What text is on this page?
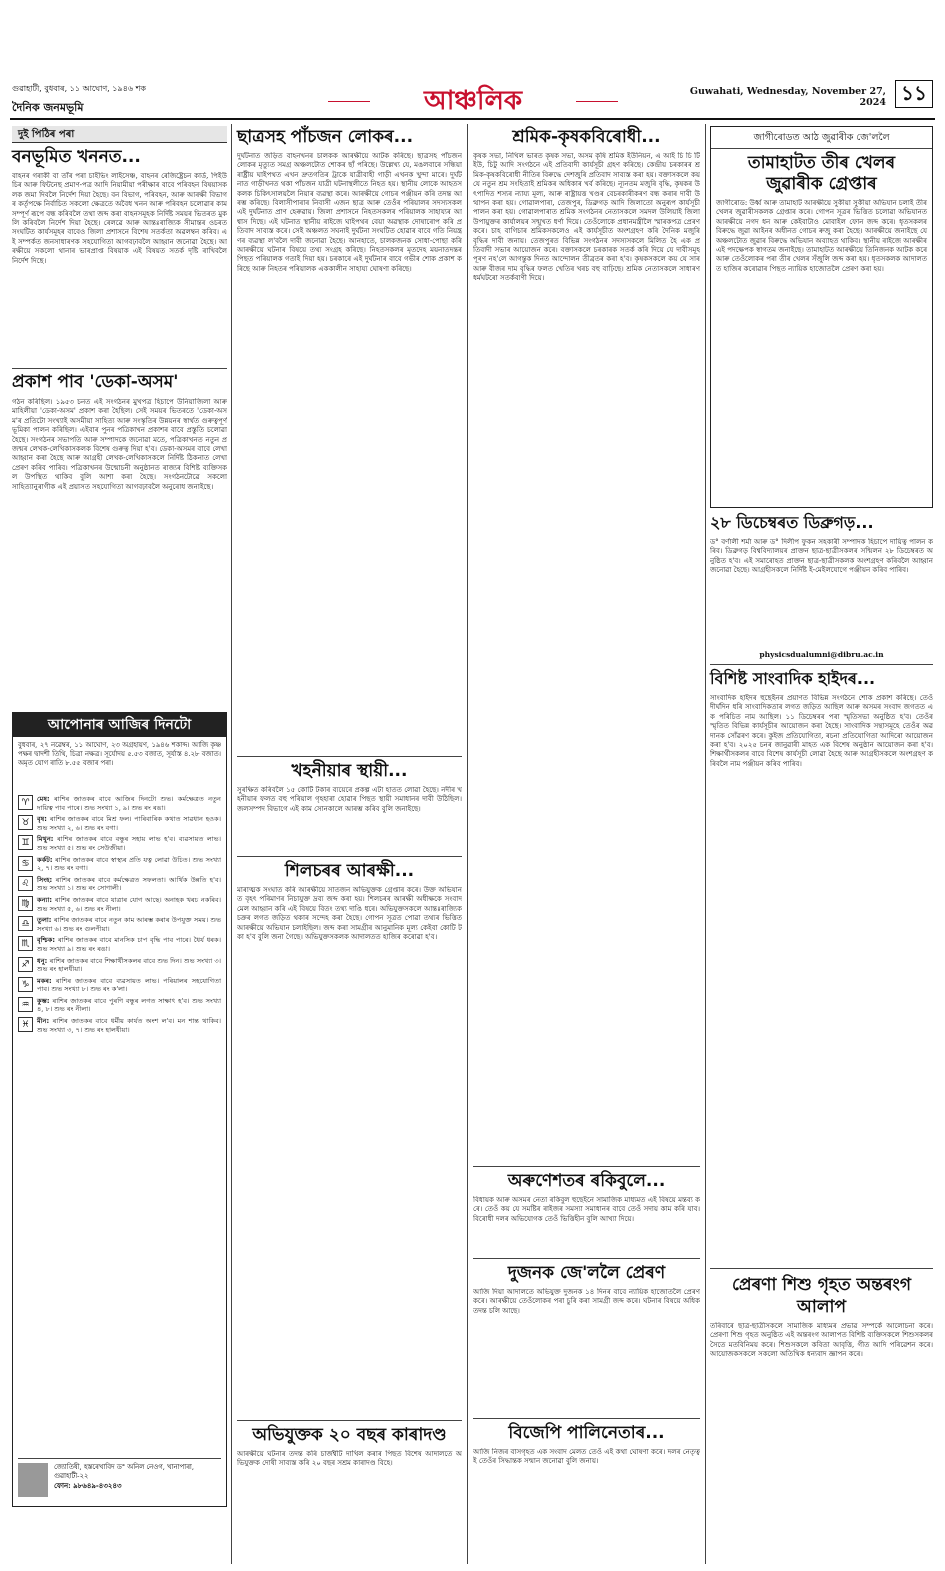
গুৱাহাটী, বুধবাৰ, ১১ আঘোণ, ১৯৪৬ শক
দৈনিক জনমভূমি	আঞ্চলিক	Guwahati, Wednesday, November 27, 2024 ১১
দুই পিঠিৰ পৰা
বনভূমিত খননত...
বাহনৰ গৰাকী বা তাঁৰ পৰা চাইভিং লাইসেঞ্চ, বাহনৰ ৰেজিষ্ট্ৰেচন কাৰ্ড, পিইউচিৰ আৰু ফিটনেছ প্ৰমাণ-পত্ৰ আদি নিয়ামীয়া পৰীক্ষাৰ বাবে পৰিবহন বিষয়াসকলক জমা দিবলৈ নিৰ্দেশ দিয়া হৈছে। বন বিভাগ, পৰিবহন, আৰু আৰক্ষী বিভাগৰ কৰ্তৃপক্ষে নিৰ্বাচিত সকলো ক্ষেত্ৰতে অবৈধ খনন আৰু পৰিবহন চলোৱাৰ কাম সম্পূৰ্ণ ৰূপে বন্ধ কৰিবলৈ তথা জব্দ কৰা বাহনসমূহক নিৰ্দিষ্ট সময়ৰ ভিতৰত মুকলি কৰিবলৈ নিৰ্দেশ দিয়া হৈছে। ৰেলৱে আৰু আন্তঃৰাজ্যিক সীমান্তৰ ওচৰত সংঘটিত কাৰ্যসমূহৰ বাবেও জিলা প্ৰশাসনে বিশেষ সতৰ্কতা অৱলম্বন কৰিব। এই সম্পৰ্কত জনসাধাৰণক সহযোগিতা আগবঢ়াবলৈ আহ্বান জনোৱা হৈছে। আৰক্ষীয়ে সকলো থানাৰ ভাৰপ্ৰাপ্ত বিষয়াক এই বিষয়ত সতৰ্ক দৃষ্টি ৰাখিবলৈ নিৰ্দেশ দিছে।
প্ৰকাশ পাব 'ডেকা-অসম'
গঠন কৰিছিল। ১৯৫৩ চনত এই সংগঠনৰ মুখপত্ৰ হিচাপে উনিয়াজিলা আৰু মাহিলীয়া 'ডেকা-অসম' প্ৰকাশ কৰা হৈছিল। সেই সময়ৰ ভিতৰতে 'ডেকা-অসম'ৰ প্ৰতিটো সংখ্যাই অসমীয়া সাহিত্য আৰু সংস্কৃতিৰ উন্নয়নৰ স্বাৰ্থত গুৰুত্বপূৰ্ণ ভূমিকা পালন কৰিছিল। এইবাৰ পুনৰ পত্ৰিকাখন প্ৰকাশৰ বাবে প্ৰস্তুতি চলোৱা হৈছে। সংগঠনৰ সভাপতি আৰু সম্পাদকে জনোৱা মতে, পত্ৰিকাখনত নতুন প্ৰজন্মৰ লেখক-লেখিকাসকলক বিশেষ গুৰুত্ব দিয়া হ'ব। ডেকা-অসমৰ বাবে লেখা আহ্বান কৰা হৈছে আৰু আগ্ৰহী লেখক-লেখিকাসকলে নিৰ্দিষ্ট ঠিকনাত লেখা প্ৰেৰণ কৰিব পাৰিব। পত্ৰিকাখনৰ উন্মোচনী অনুষ্ঠানত ৰাজ্যৰ বিশিষ্ট ব্যক্তিসকল উপস্থিত থাকিব বুলি আশা কৰা হৈছে। সংগঠনটোৱে সকলো সাহিত্যানুৰাগীক এই প্ৰয়াসত সহযোগিতা আগবঢ়াবলৈ অনুৰোধ জনাইছে।
আপোনাৰ আজিৰ দিনটো
বুধবাৰ, ২৭ নৱেম্বৰ, ১১ আঘোণ, ২৩ অগ্ৰহায়ণ, ১৯৪৬ শকাব্দ। আজি কৃষ্ণ পক্ষৰ দ্বাদশী তিথি, চিত্ৰা নক্ষত্ৰ। সূৰ্যোদয় ৫.৫৩ বজাত, সূৰ্যাস্ত ৪.২৮ বজাত। অমৃত যোগ ৰাতি ৮.৫৫ বজাৰ পৰা।
♈	মেষ: ৰাশিৰ জাতকৰ বাবে আজিৰ দিনটো শুভ। কৰ্মক্ষেত্ৰত নতুন দায়িত্ব পাব পাৰে। শুভ সংখ্যা ১, ৯। শুভ ৰং ৰঙা।
♉	বৃষ: ৰাশিৰ জাতকৰ বাবে মিশ্ৰ ফল। পাৰিবাৰিক কথাত সাৱধান হওক। শুভ সংখ্যা ২, ৬। শুভ ৰং বগা।
♊	মিথুন: ৰাশিৰ জাতকৰ বাবে বন্ধুৰ সহায় লাভ হ'ব। ব্যৱসায়ত লাভ। শুভ সংখ্যা ৫। শুভ ৰং সেউজীয়া।
♋	কৰ্কট: ৰাশিৰ জাতকৰ বাবে স্বাস্থ্যৰ প্ৰতি যত্ন লোৱা উচিত। শুভ সংখ্যা ২, ৭। শুভ ৰং বগা।
♌	সিংহ: ৰাশিৰ জাতকৰ বাবে কৰ্মক্ষেত্ৰত সফলতা। আৰ্থিক উন্নতি হ'ব। শুভ সংখ্যা ১। শুভ ৰং সোণালী।
♍	কন্যা: ৰাশিৰ জাতকৰ বাবে যাত্ৰাৰ যোগ আছে। অনাহক খৰচ নকৰিব। শুভ সংখ্যা ৫, ৬। শুভ ৰং নীলা।
♎	তুলা: ৰাশিৰ জাতকৰ বাবে নতুন কাম আৰম্ভ কৰাৰ উপযুক্ত সময়। শুভ সংখ্যা ৬। শুভ ৰং গুলপীয়া।
♏	বৃশ্চিক: ৰাশিৰ জাতকৰ বাবে মানসিক চাপ বৃদ্ধি পাব পাৰে। ধৈৰ্য ধৰক। শুভ সংখ্যা ৯। শুভ ৰং ৰঙা।
♐	ধনু: ৰাশিৰ জাতকৰ বাবে শিক্ষাৰ্থীসকলৰ বাবে শুভ দিন। শুভ সংখ্যা ৩। শুভ ৰং হালধীয়া।
♑	মকৰ: ৰাশিৰ জাতকৰ বাবে ব্যৱসায়ত লাভ। পৰিয়ালৰ সহযোগিতা পাব। শুভ সংখ্যা ৮। শুভ ৰং ক'লা।
♒	কুম্ভ: ৰাশিৰ জাতকৰ বাবে পুৰণি বন্ধুৰ লগত সাক্ষাৎ হ'ব। শুভ সংখ্যা ৪, ৮। শুভ ৰং নীলা।
♓	মীন: ৰাশিৰ জাতকৰ বাবে ধৰ্মীয় কাৰ্যত অংশ ল'ব। মন শান্ত থাকিব। শুভ সংখ্যা ৩, ৭। শুভ ৰং হালধীয়া।
জ্যোতিষী, হস্তৰেখাবিদ ড° অনিল নেওগ, খানাপাৰা, গুৱাহাটী-২২
ফোন: ৯৮৬৪৯-৪৩২৪৩
ছাত্ৰসহ পাঁচজন লোকৰ...
দুৰ্ঘটনাত জড়িত বাহনখনৰ চালকক আৰক্ষীয়ে আটক কৰিছে। ছাত্ৰসহ পাঁচজন লোকৰ মৃত্যুত সমগ্ৰ অঞ্চলটোত শোকৰ ছাঁ পৰিছে। উল্লেখ্য যে, মঙলবাৰে সন্ধিয়া ৰাষ্ট্ৰীয় ঘাইপথত এখন দ্ৰুতগতিৰ ট্ৰাকে যাত্ৰীবাহী গাড়ী এখনক খুন্দা মাৰে। দুৰ্ঘটনাত গাড়ীখনত থকা পাঁচজন যাত্ৰী ঘটনাস্থলীতে নিহত হয়। স্থানীয় লোকে আহতসকলক চিকিৎসালয়লৈ নিয়াৰ ব্যৱস্থা কৰে। আৰক্ষীয়ে গোচৰ পঞ্জীয়ন কৰি তদন্ত আৰম্ভ কৰিছে। বিলাসীপাৰাৰ নিবাসী এজন ছাত্ৰ আৰু তেওঁৰ পৰিয়ালৰ সদস্যসকল এই দুৰ্ঘটনাত প্ৰাণ হেৰুৱায়। জিলা প্ৰশাসনে নিহতসকলৰ পৰিয়ালক সাহায্যৰ আশ্বাস দিছে। এই ঘটনাত স্থানীয় ৰাইজে ঘাইপথৰ বেয়া অৱস্থাক দোষাৰোপ কৰি প্ৰতিবাদ সাব্যস্ত কৰে। সেই অঞ্চলত সঘনাই দুৰ্ঘটনা সংঘটিত হোৱাৰ বাবে গতি নিয়ন্ত্ৰণৰ ব্যৱস্থা ল'বলৈ দাবী জনোৱা হৈছে। আনহাতে, চালকজনক সোধা-পোছা কৰি আৰক্ষীয়ে ঘটনাৰ বিষয়ে তথ্য সংগ্ৰহ কৰিছে। নিহতসকলৰ মৃতদেহ ময়নাতদন্তৰ পিছত পৰিয়ালক গতাই দিয়া হয়। চৰকাৰে এই দুৰ্ঘটনাৰ বাবে গভীৰ শোক প্ৰকাশ কৰিছে আৰু নিহতৰ পৰিয়ালক এককালীন সাহায্য ঘোষণা কৰিছে।
খহনীয়াৰ স্থায়ী...
সুৰক্ষিত কৰিবলৈ ১৫ কোটি টকাৰ ব্যয়েৰে প্ৰকল্প এটা হাতত লোৱা হৈছে। নদীৰ খহনীয়াৰ ফলত বহু পৰিয়াল গৃহহাৰা হোৱাৰ পিছত স্থায়ী সমাধানৰ দাবী উঠিছিল। জলসম্পদ বিভাগে এই কাম সোনকালে আৰম্ভ কৰিব বুলি জনাইছে।
শিলচৰৰ আৰক্ষী...
মাৰাত্মক সংঘাত কৰি আৰক্ষীয়ে সাতজন অভিযুক্তক গ্ৰেপ্তাৰ কৰে। উক্ত অভিযানত বৃহৎ পৰিমাণৰ নিচাযুক্ত দ্ৰব্য জব্দ কৰা হয়। শিলচৰৰ আৰক্ষী অধীক্ষকে সংবাদ মেল আহ্বান কৰি এই বিষয়ে বিতং তথ্য দাঙি ধৰে। অভিযুক্তসকলে আন্তঃৰাজ্যিক চক্ৰৰ লগত জড়িত থকাৰ সন্দেহ কৰা হৈছে। গোপন সূত্ৰত পোৱা তথ্যৰ ভিত্তিত আৰক্ষীয়ে অভিযান চলাইছিল। জব্দ কৰা সামগ্ৰীৰ আনুমানিক মূল্য কেইবা কোটি টকা হ'ব বুলি জনা গৈছে। অভিযুক্তসকলক আদালতত হাজিৰ কৰোৱা হ'ব।
অভিযুক্তক ২০ বছৰ কাৰাদণ্ড
আৰক্ষীয়ে ঘটনাৰ তদন্ত কৰি চাৰ্জশ্বীট দাখিল কৰাৰ পিছত বিশেষ আদালতে অভিযুক্তক দোষী সাব্যস্ত কৰি ২০ বছৰ সশ্ৰম কাৰাদণ্ড বিহে।
শ্ৰমিক-কৃষকবিৰোধী...
কৃষক সভা, নিখিল ভাৰত কৃষক সভা, অসম কৃষি শ্ৰমিক ইউনিয়ন, এ আই চি চি টি ইউ, চিটু আদি সংগঠনে এই প্ৰতিবাদী কাৰ্যসূচী গ্ৰহণ কৰিছে। কেন্দ্ৰীয় চৰকাৰৰ শ্ৰমিক-কৃষকবিৰোধী নীতিৰ বিৰুদ্ধে দেশজুৰি প্ৰতিবাদ সাব্যস্ত কৰা হয়। বক্তাসকলে কয় যে নতুন শ্ৰম সংহিতাই শ্ৰমিকৰ অধিকাৰ খৰ্ব কৰিছে। ন্যূনতম মজুৰি বৃদ্ধি, কৃষকৰ উৎপাদিত শস্যৰ ন্যায্য মূল্য, আৰু ৰাষ্ট্ৰায়ত্ত খণ্ডৰ বেচৰকাৰীকৰণ বন্ধ কৰাৰ দাবী উত্থাপন কৰা হয়। গোৱালপাৰা, তেজপুৰ, ডিব্ৰুগড় আদি জিলাতো অনুৰূপ কাৰ্যসূচী পালন কৰা হয়। গোৱালপাৰাত শ্ৰমিক সংগঠনৰ নেতাসকলে সমদল উলিয়াই জিলা উপায়ুক্তৰ কাৰ্যালয়ৰ সন্মুখত ধৰ্ণা দিয়ে। তেওঁলোকে প্ৰধানমন্ত্ৰীলৈ স্মাৰকপত্ৰ প্ৰেৰণ কৰে। চাহ বাগিচাৰ শ্ৰমিকসকলেও এই কাৰ্যসূচীত অংশগ্ৰহণ কৰি দৈনিক মজুৰি বৃদ্ধিৰ দাবী জনায়। তেজপুৰত বিভিন্ন সংগঠনৰ সদস্যসকলে মিলিত হৈ এক প্ৰতিবাদী সভাৰ আয়োজন কৰে। বক্তাসকলে চৰকাৰক সতৰ্ক কৰি দিয়ে যে দাবীসমূহ পূৰণ নহ'লে আগন্তুক দিনত আন্দোলন তীব্ৰতৰ কৰা হ'ব। কৃষকসকলে কয় যে সাৰ আৰু বীজৰ দাম বৃদ্ধিৰ ফলত খেতিৰ খৰচ বহু বাঢ়িছে। শ্ৰমিক নেতাসকলে সাধাৰণ ধৰ্মঘটৰো সতৰ্কবাণী দিয়ে।
অৰুণেশতৰ ৰকিবুলে...
বিধায়ক আৰু অসমৰ নেতা ৰকিবুল হুছেইনে সামাজিক মাধ্যমত এই বিষয়ে মন্তব্য কৰে। তেওঁ কয় যে সমষ্টিৰ ৰাইজৰ সমস্যা সমাধানৰ বাবে তেওঁ সদায় কাম কৰি যাব। বিৰোধী দলৰ অভিযোগক তেওঁ ভিত্তিহীন বুলি আখ্যা দিয়ে।
দুজনক জে'ললৈ প্ৰেৰণ
আজি দিয়া আদালতে অভিযুক্ত দুজনক ১৪ দিনৰ বাবে ন্যায়িক হাজোতলৈ প্ৰেৰণ কৰে। আৰক্ষীয়ে তেওঁলোকৰ পৰা চুৰি কৰা সামগ্ৰী জব্দ কৰে। ঘটনাৰ বিষয়ে অধিক তদন্ত চলি আছে।
বিজেপি পালিনেতাৰ...
আজি নিজৰ বাসগৃহত এক সংবাদ মেলত তেওঁ এই কথা ঘোষণা কৰে। দলৰ নেতৃত্বই তেওঁৰ সিদ্ধান্তক সন্মান জনোৱা বুলি জনায়।
জাগীৰোডত আঠ জুৱাৰীক জে'ললৈ
তামাহাটত তীৰ খেলৰ জুৱাৰীক গ্ৰেপ্তাৰ
জাগীৰোড: উৰ্ধ্ব আৰু তামাহাট আৰক্ষীয়ে সুকীয়া সুকীয়া অভিযান চলাই তীৰ খেলৰ জুৱাৰীসকলক গ্ৰেপ্তাৰ কৰে। গোপন সূত্ৰৰ ভিত্তিত চলোৱা অভিযানত আৰক্ষীয়ে নগদ ধন আৰু কেইবাটাও মোবাইল ফোন জব্দ কৰে। ধৃতসকলৰ বিৰুদ্ধে জুৱা আইনৰ অধীনত গোচৰ ৰুজু কৰা হৈছে। আৰক্ষীয়ে জনাইছে যে অঞ্চলটোত জুৱাৰ বিৰুদ্ধে অভিযান অব্যাহত থাকিব। স্থানীয় ৰাইজে আৰক্ষীৰ এই পদক্ষেপক স্বাগতম জনাইছে। তামাহাটত আৰক্ষীয়ে তিনিজনক আটক কৰে আৰু তেওঁলোকৰ পৰা তীৰ খেলৰ সঁজুলি জব্দ কৰা হয়। ধৃতসকলক আদালতত হাজিৰ কৰোৱাৰ পিছত ন্যায়িক হাজোতলৈ প্ৰেৰণ কৰা হয়।
২৮ ডিচেম্বৰত ডিব্ৰুগড়...
ড° বৰ্ণালী শৰ্মা আৰু ড° দিলীপ ফুকন সহকাৰী সম্পাদক হিচাপে দায়িত্ব পালন কৰিব। ডিব্ৰুগড় বিশ্ববিদ্যালয়ৰ প্ৰাক্তন ছাত্ৰ-ছাত্ৰীসকলৰ সন্মিলন ২৮ ডিচেম্বৰত অনুষ্ঠিত হ'ব। এই সমাৰোহত প্ৰাক্তন ছাত্ৰ-ছাত্ৰীসকলক অংশগ্ৰহণ কৰিবলৈ আহ্বান জনোৱা হৈছে। আগ্ৰহীসকলে নিৰ্দিষ্ট ই-মেইলযোগে পঞ্জীয়ন কৰিব পাৰিব।
physicsdualumni@dibru.ac.in
বিশিষ্ট সাংবাদিক হাইদৰ...
সাংবাদিক হাইদৰ হুছেইনৰ প্ৰয়াণত বিভিন্ন সংগঠনে শোক প্ৰকাশ কৰিছে। তেওঁ দীৰ্ঘদিন ধৰি সাংবাদিকতাৰ লগত জড়িত আছিল আৰু অসমৰ সংবাদ জগতত এক পৰিচিত নাম আছিল। ১১ ডিচেম্বৰৰ পৰা স্মৃতিসভা অনুষ্ঠিত হ'ব। তেওঁৰ স্মৃতিত বিভিন্ন কাৰ্যসূচীৰ আয়োজন কৰা হৈছে। সাংবাদিক সন্থাসমূহে তেওঁৰ অৱদানক সোঁৱৰণ কৰে। কুইজ প্ৰতিযোগিতা, ৰচনা প্ৰতিযোগিতা আদিৰো আয়োজন কৰা হ'ব। ২০২৫ চনৰ জানুৱাৰী মাহত এক বিশেষ অনুষ্ঠান আয়োজন কৰা হ'ব। শিক্ষাৰ্থীসকলৰ বাবে বিশেষ কাৰ্যসূচী লোৱা হৈছে আৰু আগ্ৰহীসকলে অংশগ্ৰহণ কৰিবলৈ নাম পঞ্জীয়ন কৰিব পাৰিব।
প্ৰেৰণা শিশু গৃহত অন্তৰংগ আলাপ
তৰিবাৰে ছাত্ৰ-ছাত্ৰীসকলে সামাজিক মাধ্যমৰ প্ৰভাৱ সম্পৰ্কে আলোচনা কৰে। প্ৰেৰণা শিশু গৃহত অনুষ্ঠিত এই অন্তৰংগ আলাপত বিশিষ্ট ব্যক্তিসকলে শিশুসকলৰ সৈতে মতবিনিময় কৰে। শিশুসকলে কবিতা আবৃত্তি, গীত আদি পৰিৱেশন কৰে। আয়োজকসকলে সকলো অতিথিক ধন্যবাদ জ্ঞাপন কৰে।
